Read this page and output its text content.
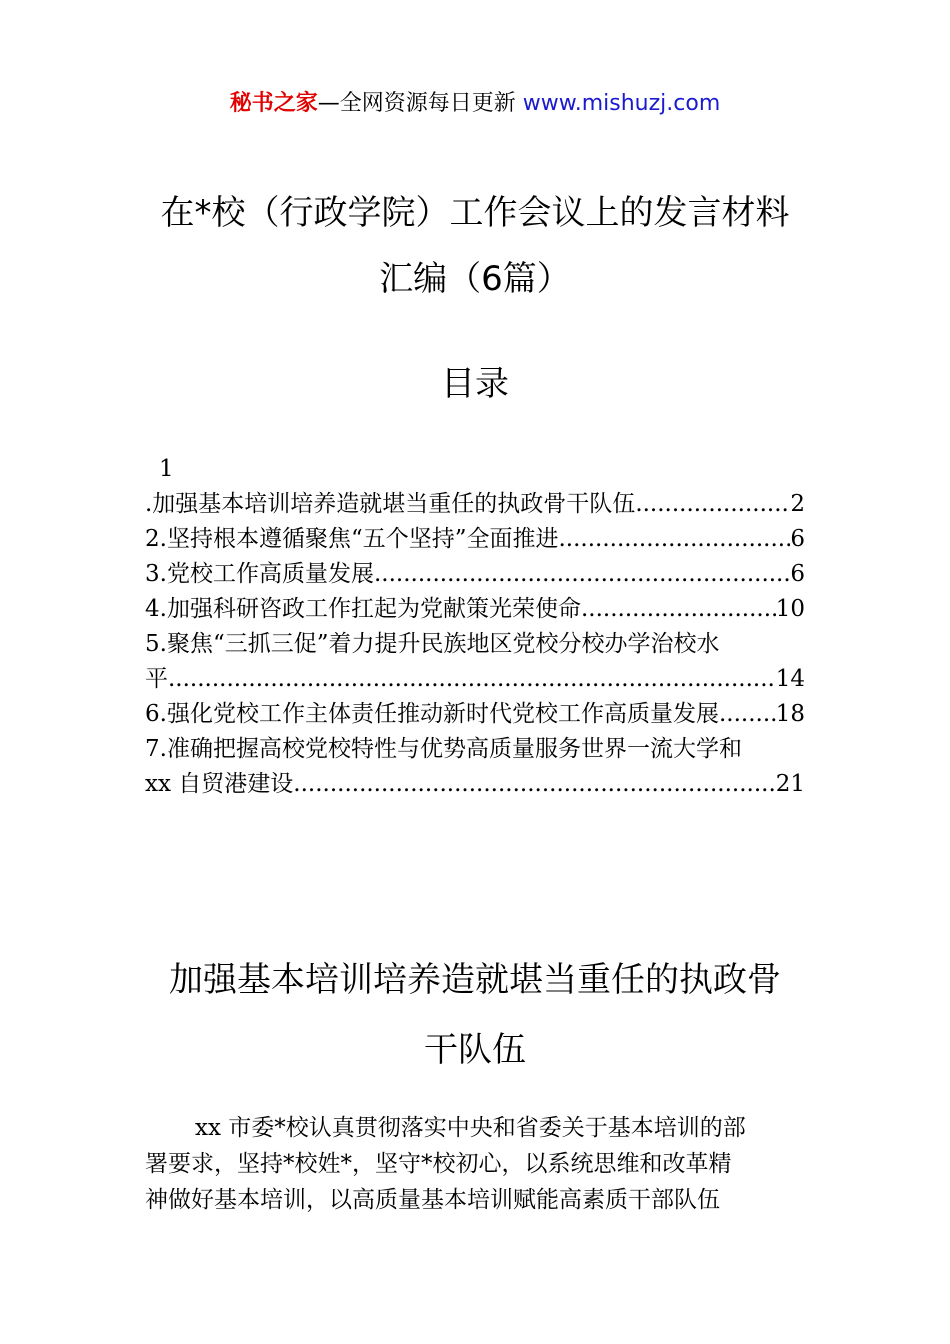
秘书之家—全网资源每日更新 www.mishuzj.com
在*校（行政学院）工作会议上的发言材料
汇编（6篇）
目录
1
.加强基本培训培养造就堪当重任的执政骨干队伍 .....	2
2.坚持根本遵循聚焦“五个坚持”全面推进 .....	6
3.党校工作高质量发展 .....	6
4.加强科研咨政工作扛起为党献策光荣使命 .....	10
5.聚焦“三抓三促”着力提升民族地区党校分校办学治校水
平 .....	14
6.强化党校工作主体责任推动新时代党校工作高质量发展 ..... 18
7.准确把握高校党校特性与优势高质量服务世界一流大学和
xx 自贸港建设 .....	21
加强基本培训培养造就堪当重任的执政骨
干队伍
xx 市委*校认真贯彻落实中央和省委关于基本培训的部
署要求，坚持*校姓*，坚守*校初心，以系统思维和改革精
神做好基本培训，以高质量基本培训赋能高素质干部队伍
